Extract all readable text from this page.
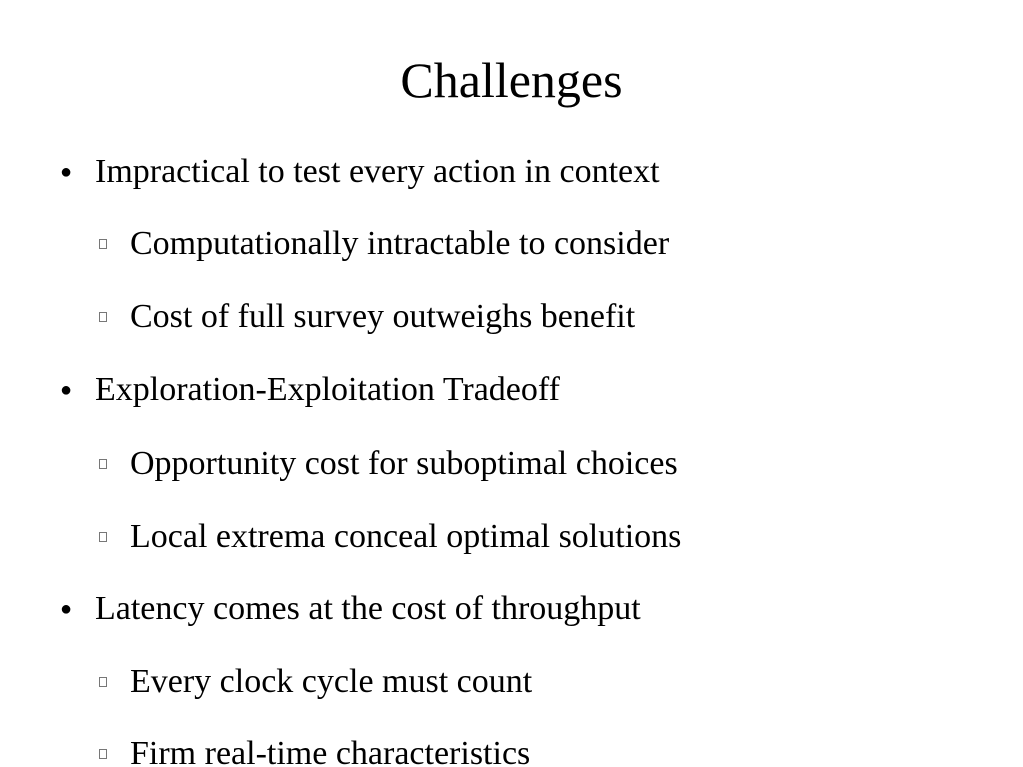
Challenges
● Impractical to test every action in context
Computationally intractable to consider
Cost of full survey outweighs benefit
● Exploration-Exploitation Tradeoff
Opportunity cost for suboptimal choices
Local extrema conceal optimal solutions
● Latency comes at the cost of throughput
Every clock cycle must count
Firm real-time characteristics
